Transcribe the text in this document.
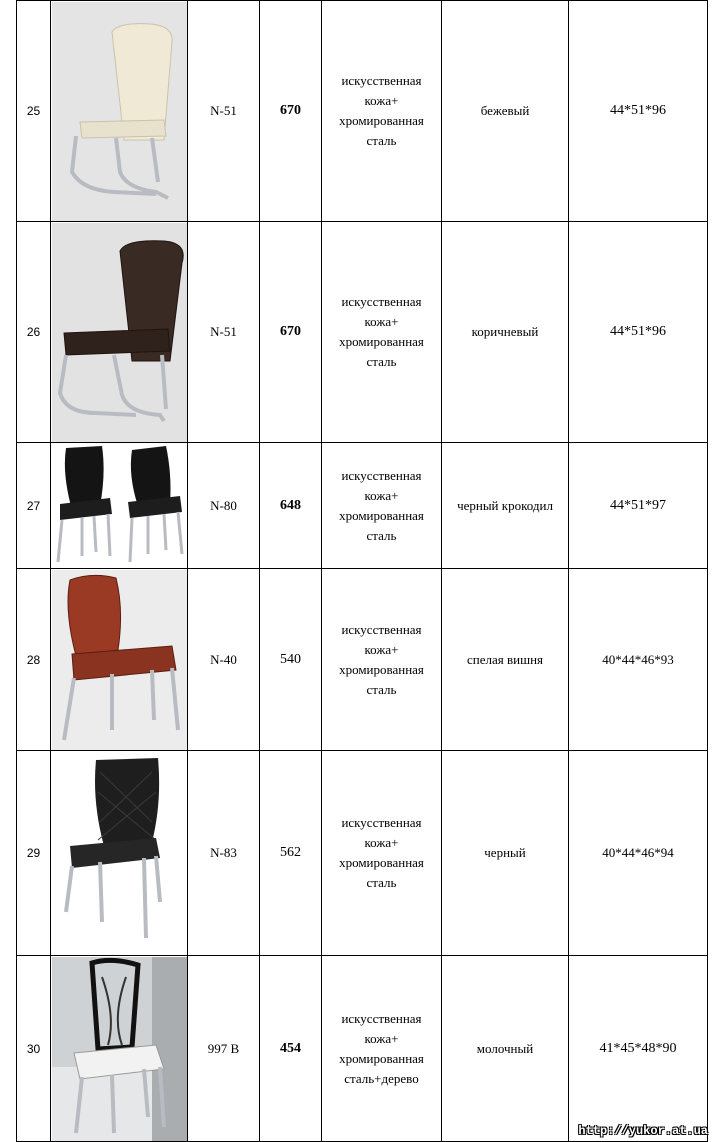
25		N-51	670	искусственная
кожа+
хромированная
сталь	бежевый	44*51*96
26		N-51	670	искусственная
кожа+
хромированная
сталь	коричневый	44*51*96
27		N-80	648	искусственная
кожа+
хромированная
сталь	черный крокодил	44*51*97
28		N-40	540	искусственная
кожа+
хромированная
сталь	спелая вишня	40*44*46*93
29		N-83	562	искусственная
кожа+
хромированная
сталь	черный	40*44*46*94
30		997 B	454	искусственная
кожа+
хромированная
сталь+дерево	молочный	41*45*48*90
http://yukor.at.ua
